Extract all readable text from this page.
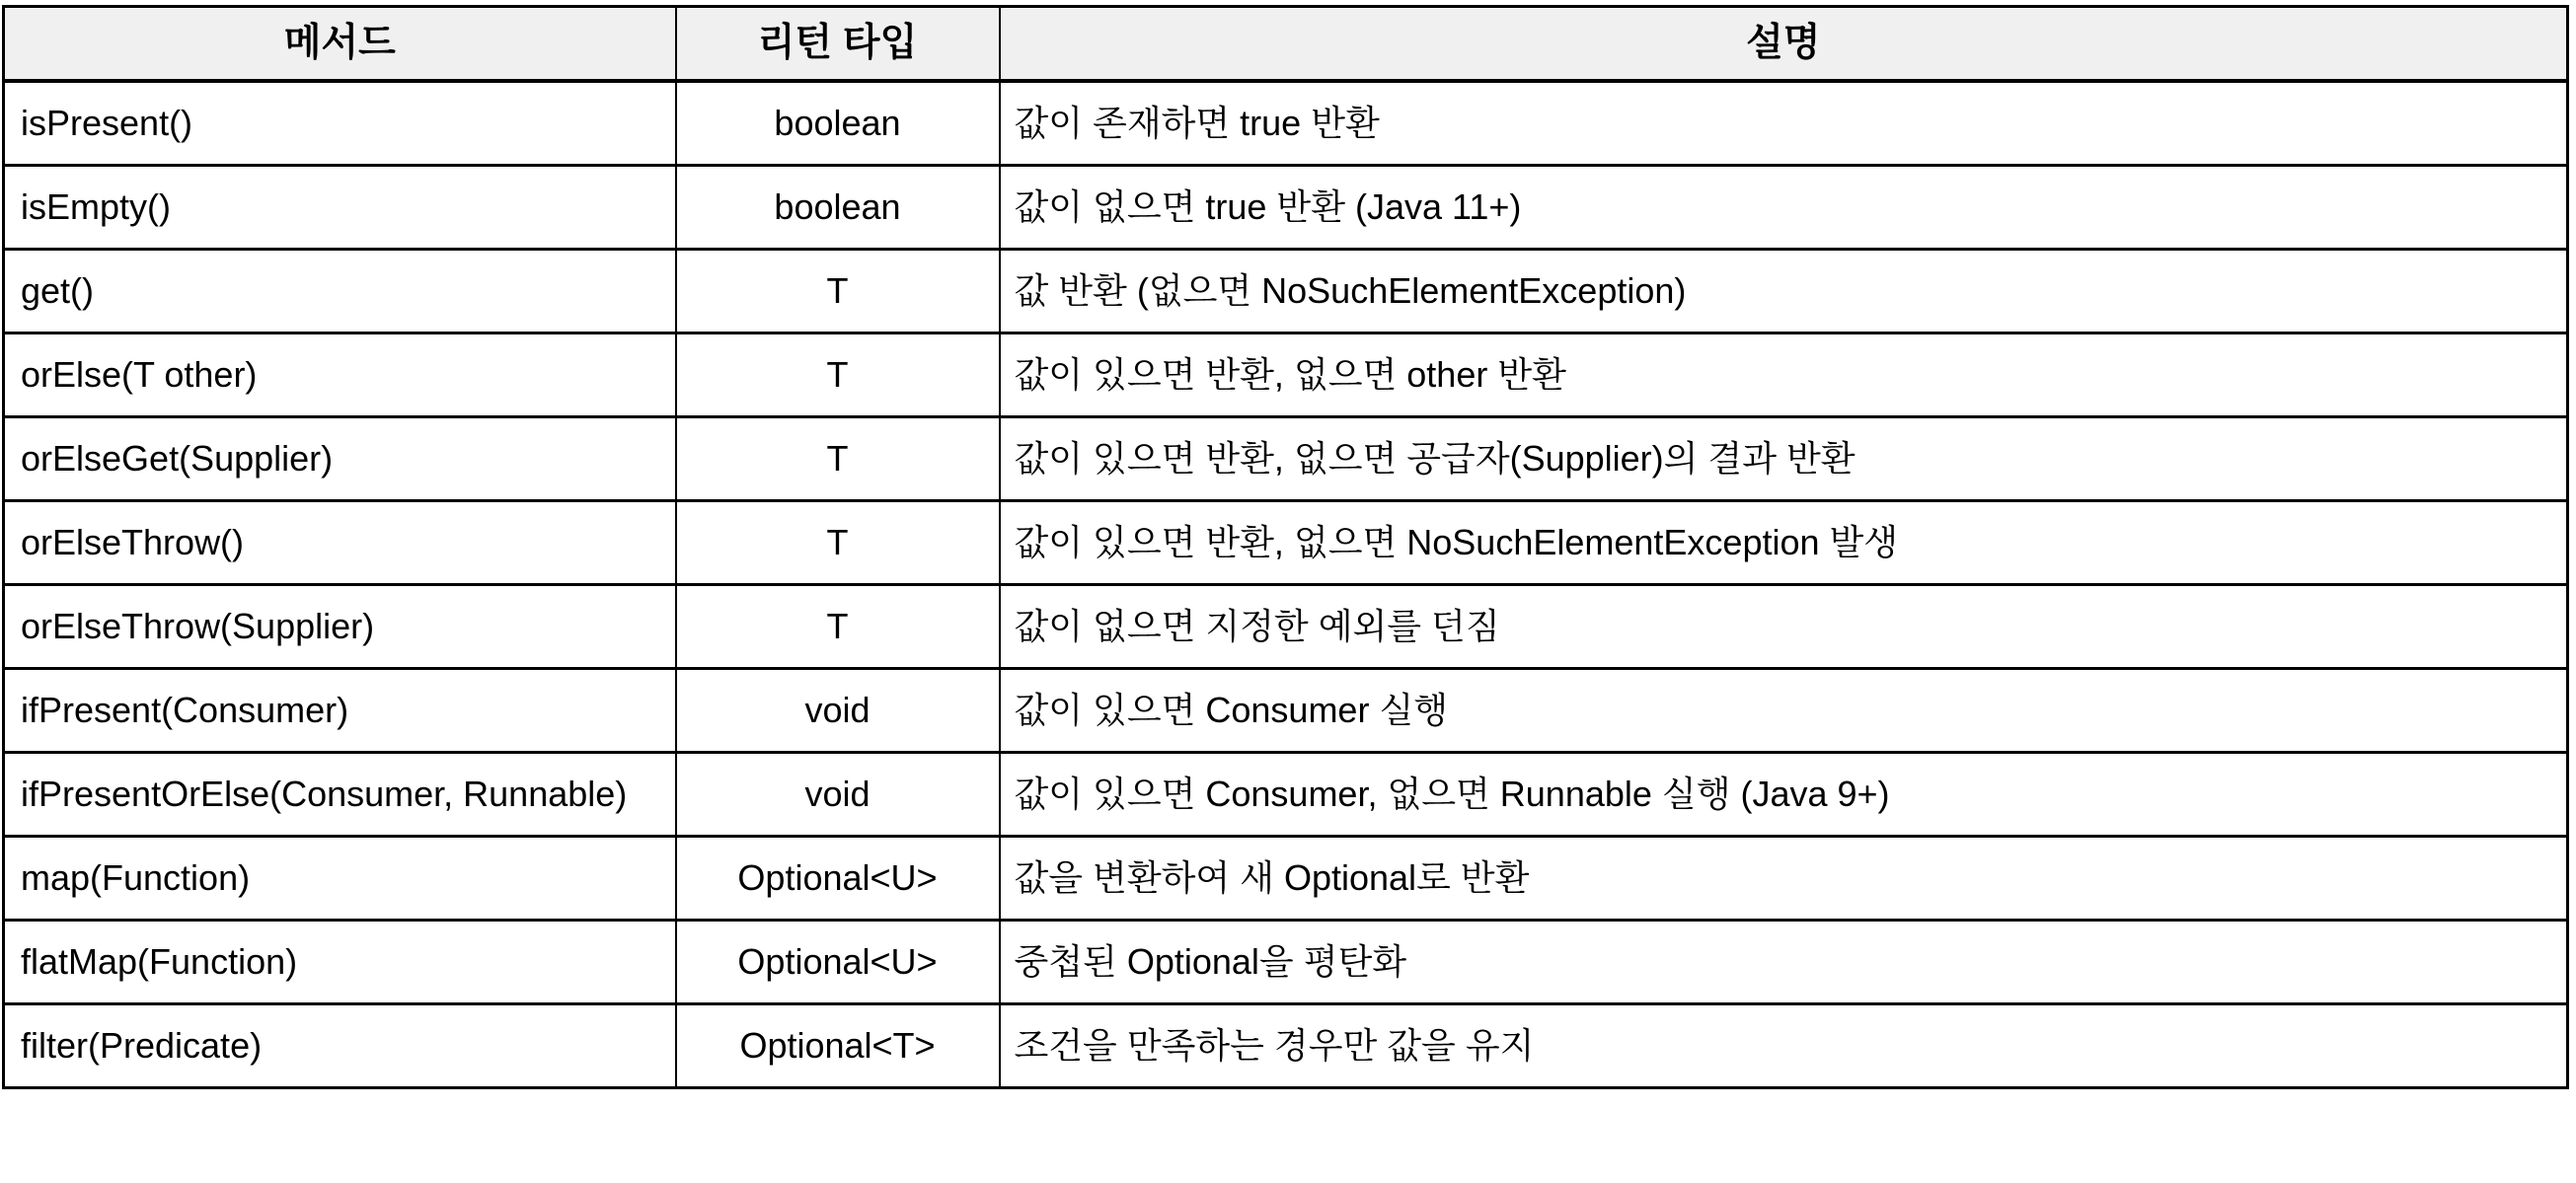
메서드	리턴 타입	설명
isPresent()	boolean	값이 존재하면 true 반환
isEmpty()	boolean	값이 없으면 true 반환 (Java 11+)
get()	T	값 반환 (없으면 NoSuchElementException)
orElse(T other)	T	값이 있으면 반환, 없으면 other 반환
orElseGet(Supplier)	T	값이 있으면 반환, 없으면 공급자(Supplier)의 결과 반환
orElseThrow()	T	값이 있으면 반환, 없으면 NoSuchElementException 발생
orElseThrow(Supplier)	T	값이 없으면 지정한 예외를 던짐
ifPresent(Consumer)	void	값이 있으면 Consumer 실행
ifPresentOrElse(Consumer, Runnable)	void	값이 있으면 Consumer, 없으면 Runnable 실행 (Java 9+)
map(Function)	Optional<U>	값을 변환하여 새 Optional로 반환
flatMap(Function)	Optional<U>	중첩된 Optional을 평탄화
filter(Predicate)	Optional<T>	조건을 만족하는 경우만 값을 유지
